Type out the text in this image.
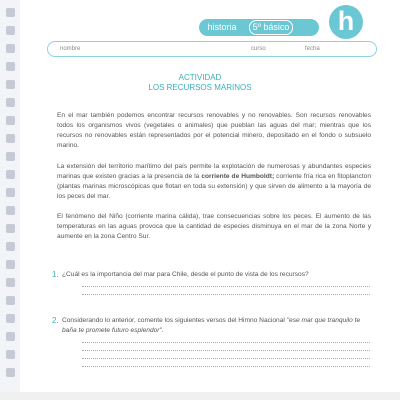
historia	5º básico	h
nombre	curso	fecha
ACTIVIDAD
LOS RECURSOS MARINOS
En el mar también podemos encontrar recursos renovables y no renovables. Son recursos renovables todos los organismos vivos (vegetales o animales) que pueblan las aguas del mar; mientras que los recursos no renovables están representados por el potencial minero, depositado en el fondo o subsuelo marino.
La extensión del territorio marítimo del país permite la explotación de numerosas y abundantes especies marinas que existen gracias a la presencia de la corriente de Humboldt; corriente fría rica en fitoplancton (plantas marinas microscópicas que flotan en toda su extensión) y que sirven de alimento a la mayoría de los peces del mar.
El fenómeno del Niño (corriente marina cálida), trae consecuencias sobre los peces. El aumento de las temperaturas en las aguas provoca que la cantidad de especies disminuya en el mar de la zona Norte y aumente en la zona Centro Sur.
1. ¿Cuál es la importancia del mar para Chile, desde el punto de vista de los recursos?
2. Considerando lo anterior, comente los siguientes versos del Himno Nacional "ese mar que tranquilo te baña te promete futuro esplendor".
